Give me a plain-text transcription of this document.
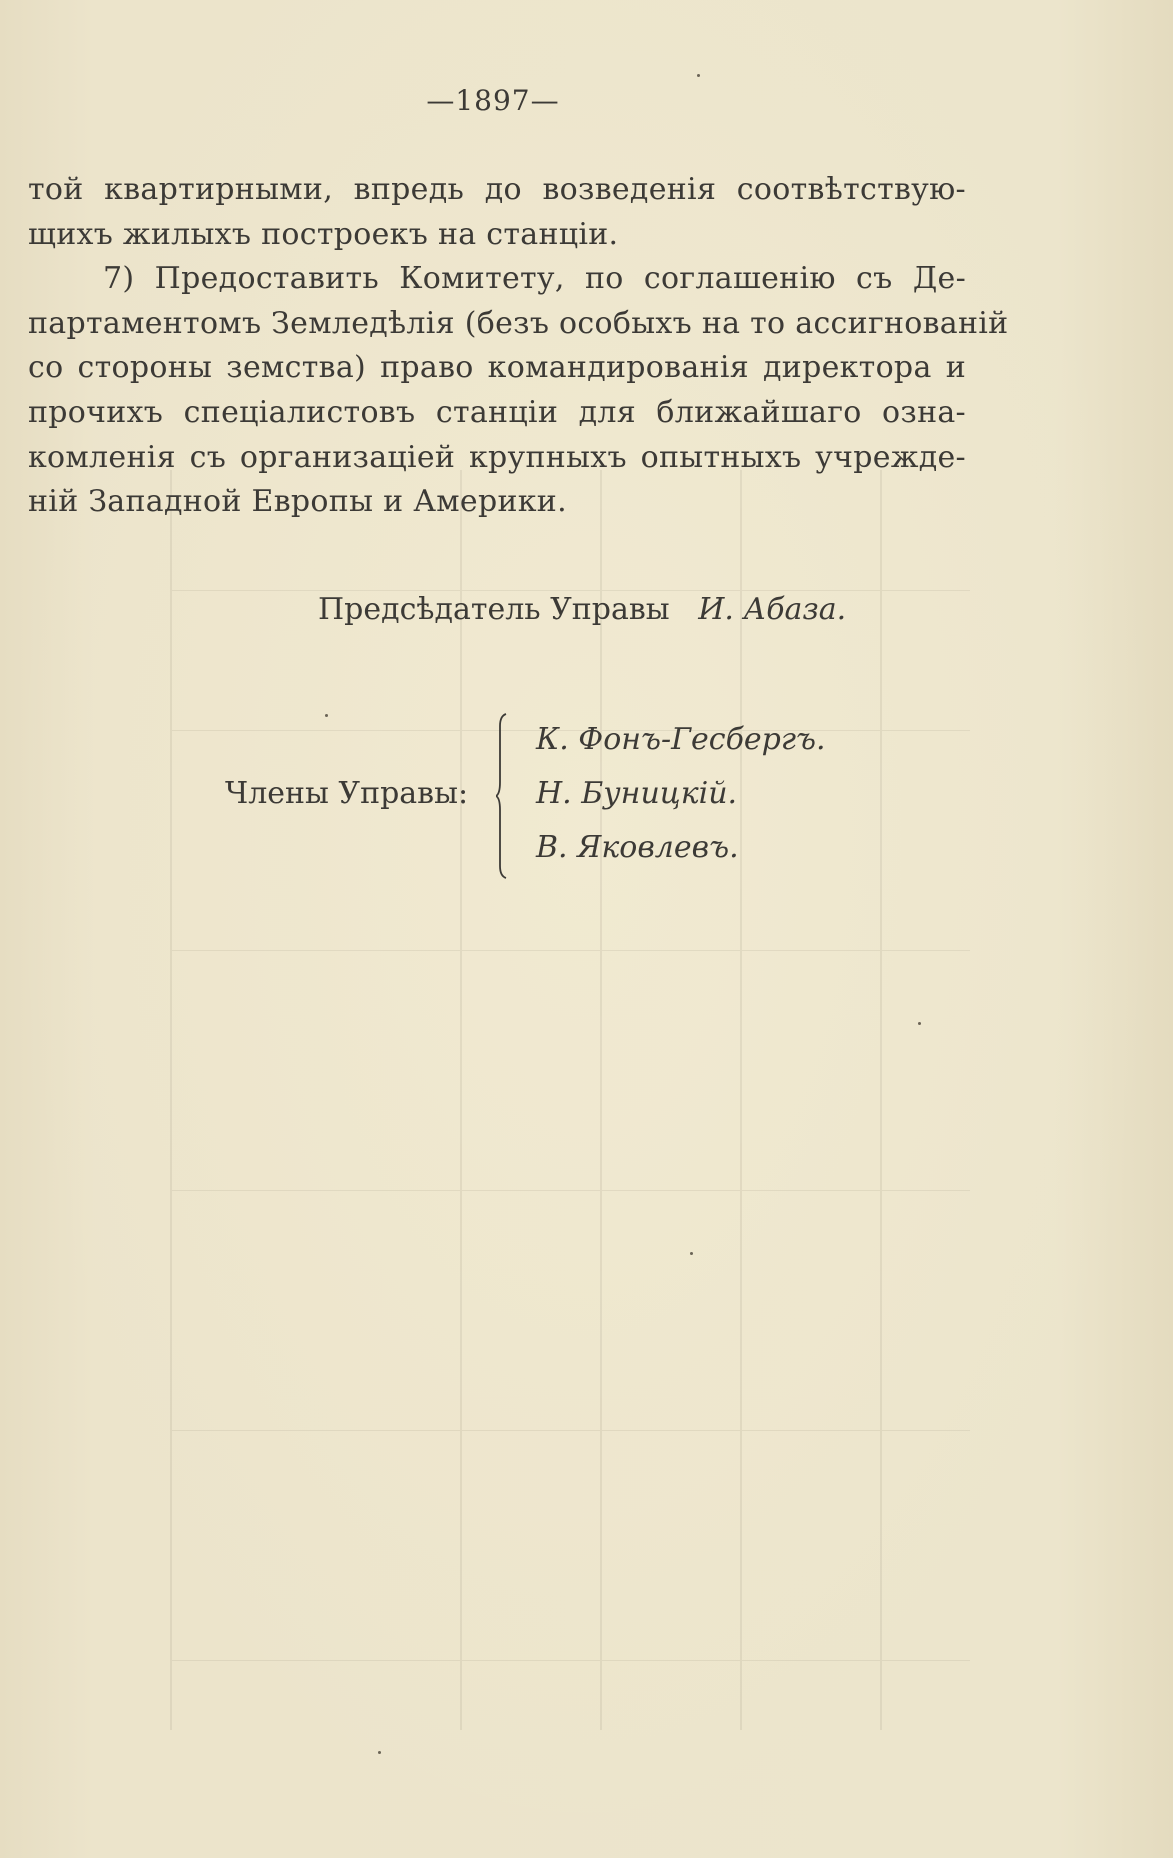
—1897—
той квартирными, впредь до возведенія соотвѣтствую-
щихъ жилыхъ построекъ на станціи.
7) Предоставить Комитету, по соглашенію съ Де-
партаментомъ Земледѣлія (безъ особыхъ на то ассигнованій
со стороны земства) право командированія директора и
прочихъ спеціалистовъ станціи для ближайшаго озна-
комленія съ организацiей крупныхъ опытныхъ учрежде-
ній Западной Европы и Америки.
Предсѣдатель Управы И. Абаза.
Члены Управы:
К. Фонъ-Гесбергъ.
Н. Буницкій.
В. Яковлевъ.
